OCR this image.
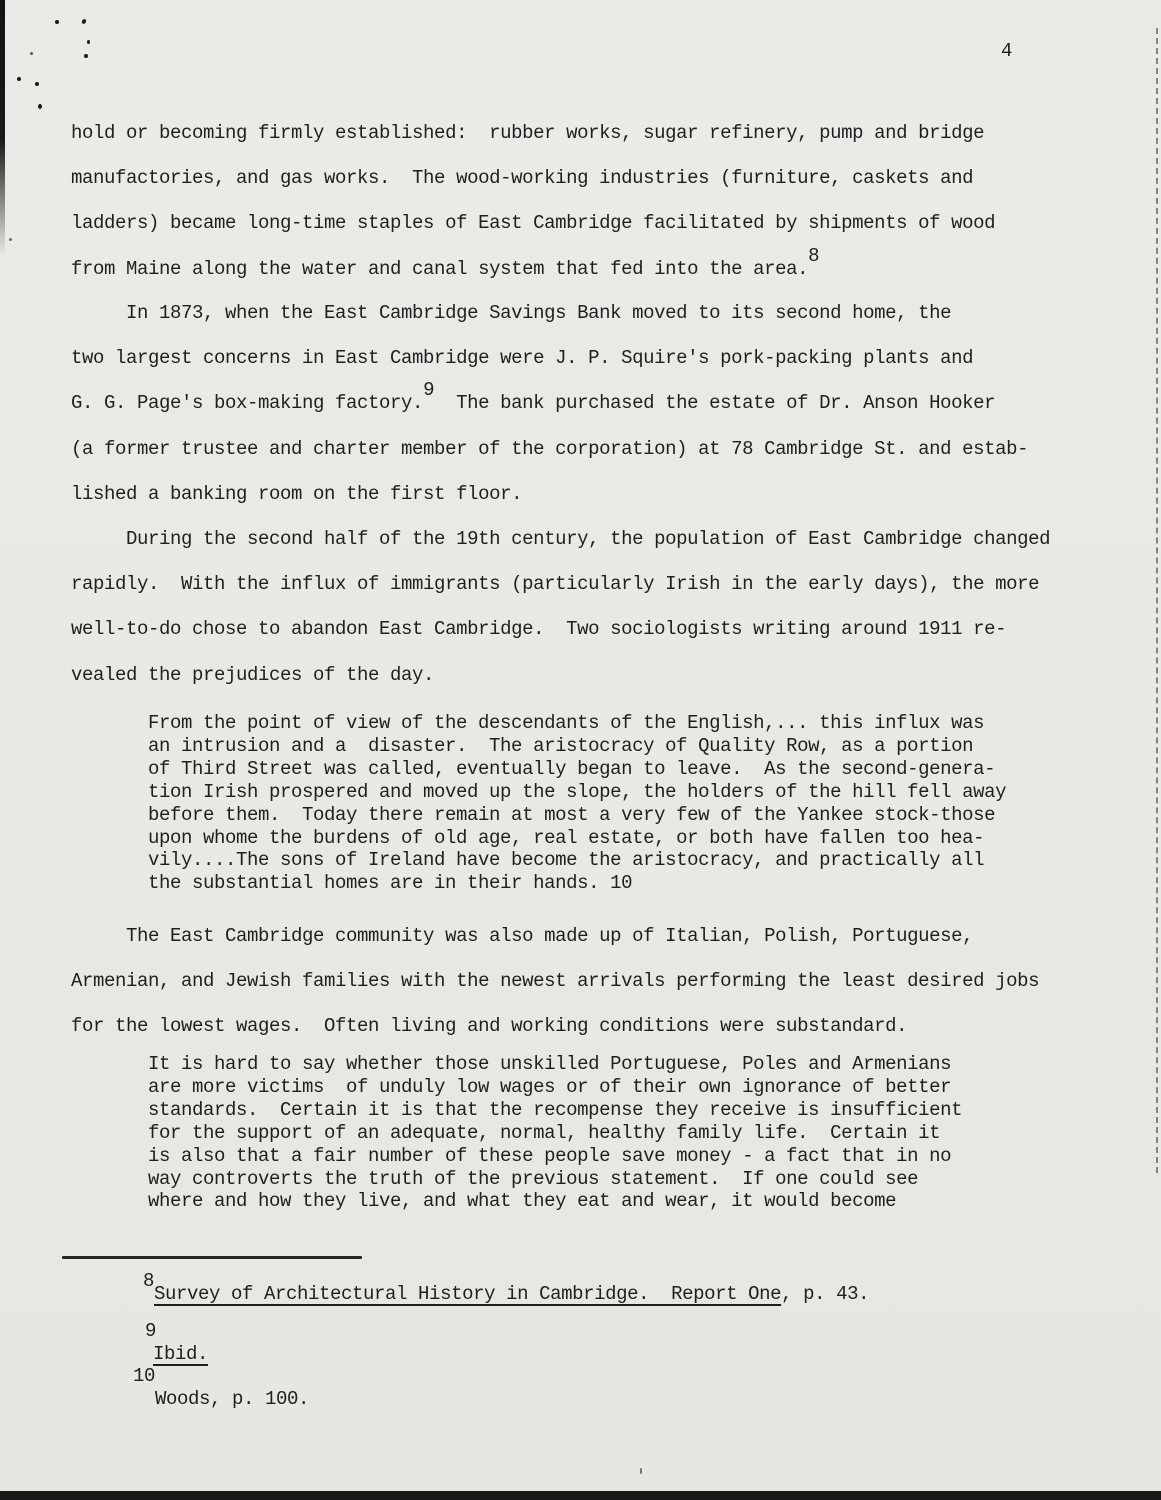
4
hold or becoming firmly established:  rubber works, sugar refinery, pump and bridge
manufactories, and gas works.  The wood-working industries (furniture, caskets and
ladders) became long-time staples of East Cambridge facilitated by shipments of wood
from Maine along the water and canal system that fed into the area.8
In 1873, when the East Cambridge Savings Bank moved to its second home, the
two largest concerns in East Cambridge were J. P. Squire's pork-packing plants and
G. G. Page's box-making factory.9  The bank purchased the estate of Dr. Anson Hooker
(a former trustee and charter member of the corporation) at 78 Cambridge St. and estab-
lished a banking room on the first floor.
During the second half of the 19th century, the population of East Cambridge changed
rapidly.  With the influx of immigrants (particularly Irish in the early days), the more
well-to-do chose to abandon East Cambridge.  Two sociologists writing around 1911 re-
vealed the prejudices of the day.
From the point of view of the descendants of the English,... this influx was
an intrusion and a  disaster.  The aristocracy of Quality Row, as a portion
of Third Street was called, eventually began to leave.  As the second-genera-
tion Irish prospered and moved up the slope, the holders of the hill fell away
before them.  Today there remain at most a very few of the Yankee stock-those
upon whome the burdens of old age, real estate, or both have fallen too hea-
vily....The sons of Ireland have become the aristocracy, and practically all
the substantial homes are in their hands. 10
The East Cambridge community was also made up of Italian, Polish, Portuguese,
Armenian, and Jewish families with the newest arrivals performing the least desired jobs
for the lowest wages.  Often living and working conditions were substandard.
It is hard to say whether those unskilled Portuguese, Poles and Armenians
are more victims  of unduly low wages or of their own ignorance of better
standards.  Certain it is that the recompense they receive is insufficient
for the support of an adequate, normal, healthy family life.  Certain it
is also that a fair number of these people save money - a fact that in no
way controverts the truth of the previous statement.  If one could see
where and how they live, and what they eat and wear, it would become
8Survey of Architectural History in Cambridge.  Report One, p. 43.
9
Ibid.
10
Woods, p. 100.
